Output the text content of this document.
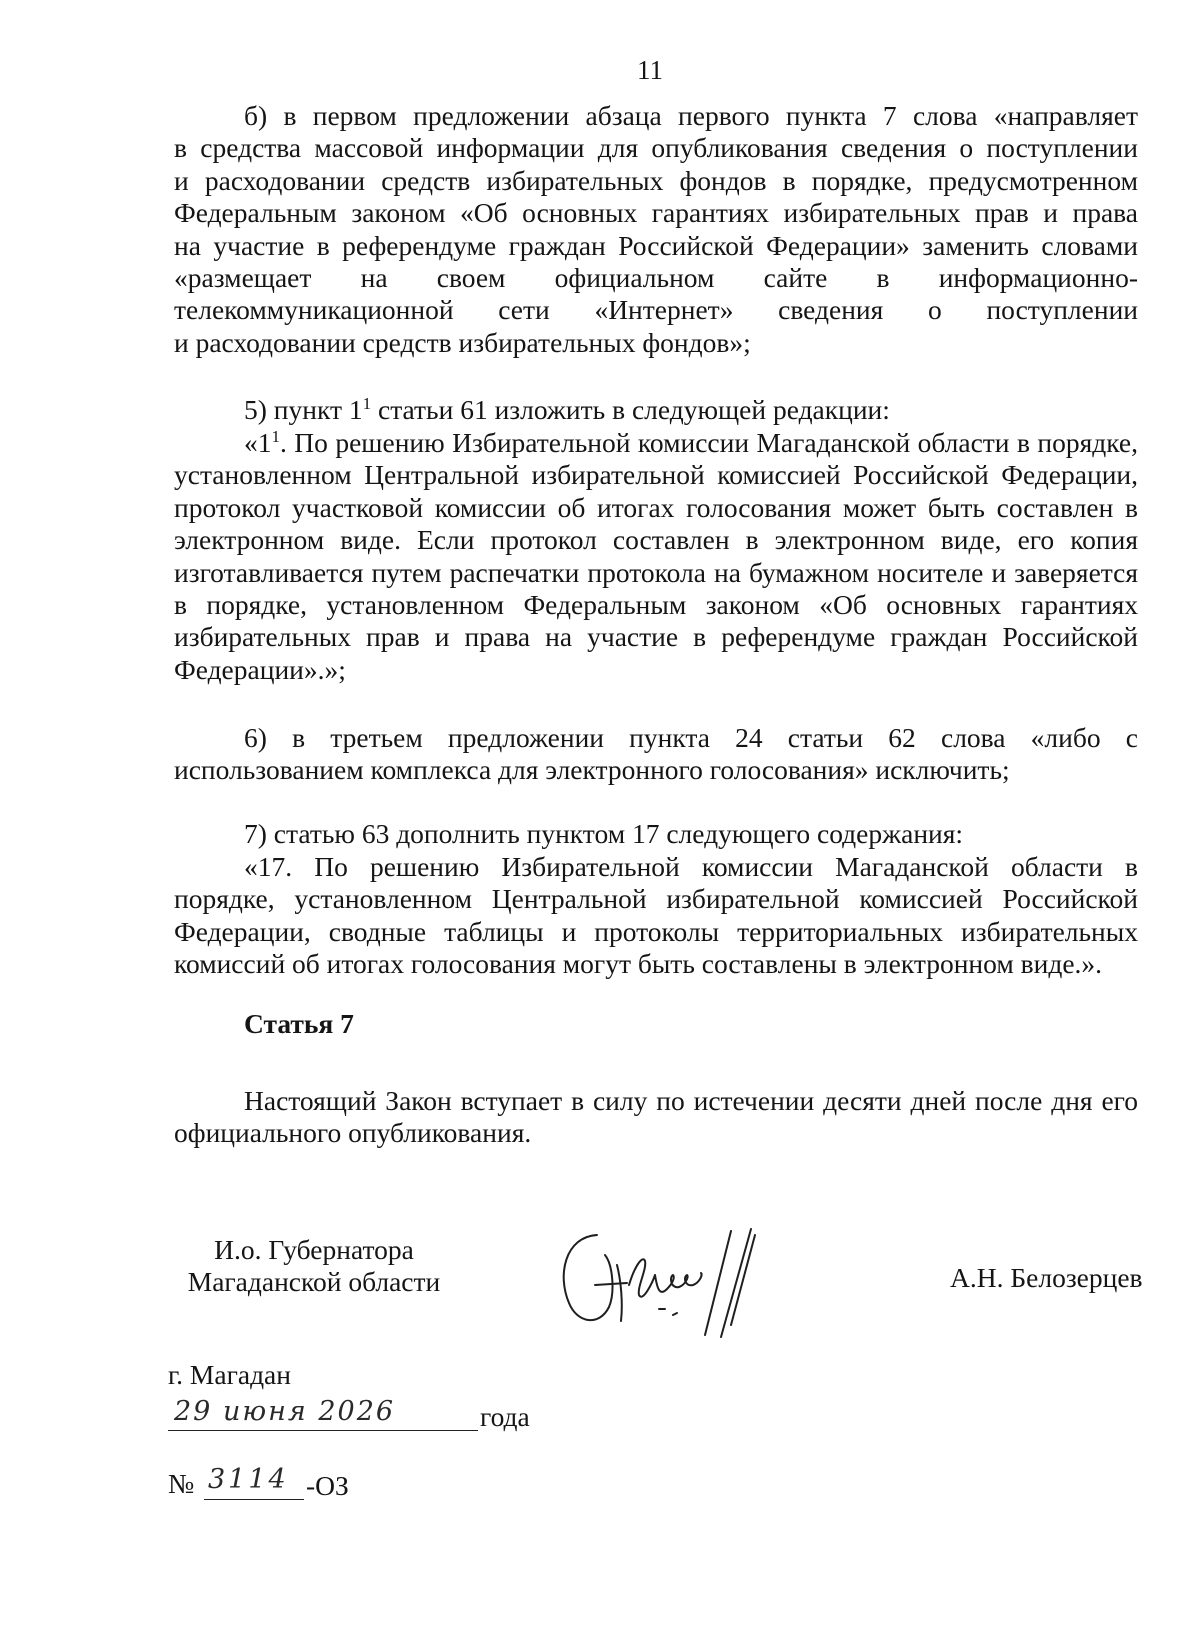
11
б) в первом предложении абзаца первого пункта 7 слова «направляет
в средства массовой информации для опубликования сведения о поступлении
и расходовании средств избирательных фондов в порядке, предусмотренном
Федеральным законом «Об основных гарантиях избирательных прав и права
на участие в референдуме граждан Российской Федерации» заменить словами
«размещает на своем официальном сайте в информационно-
телекоммуникационной сети «Интернет» сведения о поступлении
и расходовании средств избирательных фондов»;

5) пункт $1^1$ статьи 61 изложить в следующей редакции:

«$1^1$. По решению Избирательной комиссии Магаданской области в порядке, установленном Центральной избирательной комиссией Российской Федерации, протокол участковой комиссии об итогах голосования может быть составлен в электронном виде. Если протокол составлен в электронном виде, его копия изготавливается путем распечатки протокола на бумажном носителе и заверяется в порядке, установленном Федеральным законом «Об основных гарантиях избирательных прав и права на участие в референдуме граждан Российской Федерации».»;

6) в третьем предложении пункта 24 статьи 62 слова «либо с использованием комплекса для электронного голосования» исключить;

7) статью 63 дополнить пунктом 17 следующего содержания:

«17. По решению Избирательной комиссии Магаданской области в порядке, установленном Центральной избирательной комиссией Российской Федерации, сводные таблицы и протоколы территориальных избирательных комиссий об итогах голосования могут быть составлены в электронном виде.».

Статья 7

Настоящий Закон вступает в силу по истечении десяти дней после дня его официального опубликования.

И.о. Губернатора
Магаданской области	А.Н. Белозерцев
г. Магадан
29 июня 2026	года
№ 3114 -ОЗ
